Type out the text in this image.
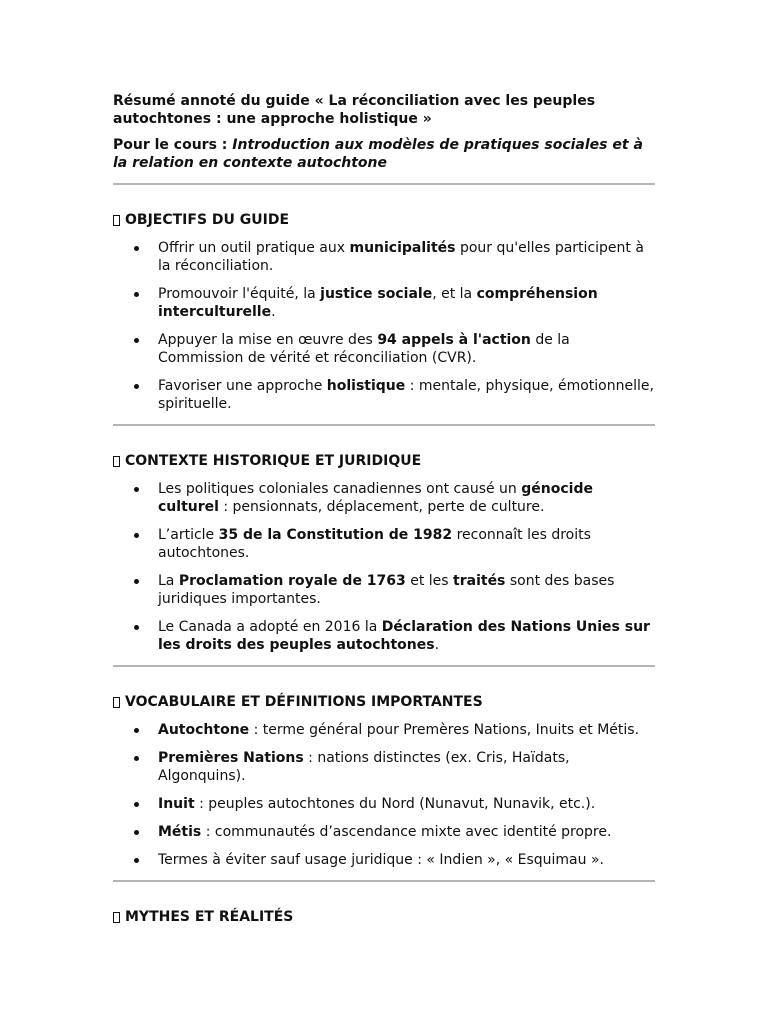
Résumé annoté du guide « La réconciliation avec les peuples autochtones : une approche holistique »

Pour le cours : Introduction aux modèles de pratiques sociales et à la relation en contexte autochtone

OBJECTIFS DU GUIDE
Offrir un outil pratique aux municipalités pour qu'elles participent à la réconciliation.
Promouvoir l'équité, la justice sociale, et la compréhension interculturelle.
Appuyer la mise en œuvre des 94 appels à l'action de la Commission de vérité et réconciliation (CVR).
Favoriser une approche holistique : mentale, physique, émotionnelle, spirituelle.
CONTEXTE HISTORIQUE ET JURIDIQUE
Les politiques coloniales canadiennes ont causé un génocide culturel : pensionnats, déplacement, perte de culture.
L’article 35 de la Constitution de 1982 reconnaît les droits autochtones.
La Proclamation royale de 1763 et les traités sont des bases juridiques importantes.
Le Canada a adopté en 2016 la Déclaration des Nations Unies sur les droits des peuples autochtones.
VOCABULAIRE ET DÉFINITIONS IMPORTANTES
Autochtone : terme général pour Premères Nations, Inuits et Métis.
Premières Nations : nations distinctes (ex. Cris, Haïdats, Algonquins).
Inuit : peuples autochtones du Nord (Nunavut, Nunavik, etc.).
Métis : communautés d’ascendance mixte avec identité propre.
Termes à éviter sauf usage juridique : « Indien », « Esquimau ».
MYTHES ET RÉALITÉS
